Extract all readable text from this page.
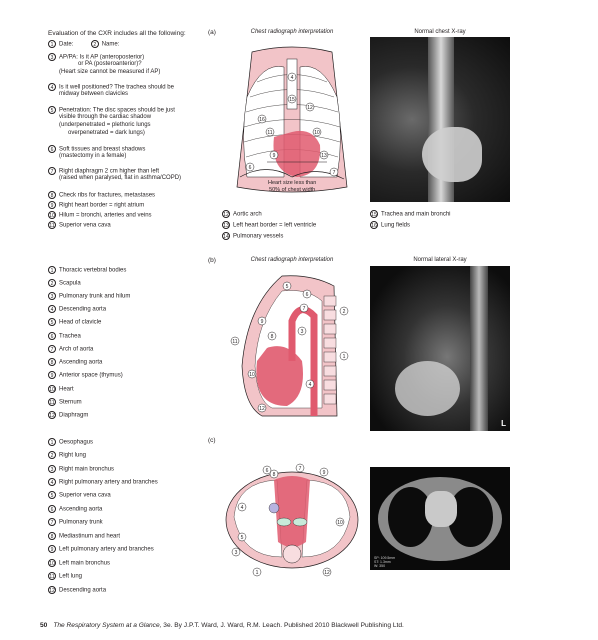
Evaluation of the CXR includes all the following:
1 Date:	2 Name:
3 AP/PA: Is it AP (anteroposterior)
or PA (posteroanterior)?
(Heart size cannot be measured if AP)
4 Is it well positioned? The trachea should be
midway between clavicles
5 Penetration: The disc spaces should be just
visible through the cardiac shadow
(underpenetrated = plethoric lungs
overpenetrated = dark lungs)
6 Soft tissues and breast shadows
(mastectomy in a female)
7 Right diaphragm 2 cm higher than left
(raised when paralysed, flat in asthma/COPD)
8 Check ribs for fractures, metastases
9 Right heart border = right atrium
10 Hilum = bronchi, arteries and veins
11 Superior vena cava
(a)	Chest radiograph interpretation	Normal chest X-ray
16
4
15
12
11	10
9	13
6
7
Heart size less than
50% of chest width
12 Aortic arch
13 Left heart border = left ventricle
14 Pulmonary vessels
15 Trachea and main bronchi
16 Lung fields
1 Thoracic vertebral bodies
2 Scapula
3 Pulmonary trunk and hilum
4 Descending aorta
5 Head of clavicle
6 Trachea
7 Arch of aorta
8 Ascending aorta
9 Anterior space (thymus)
10 Heart
11 Sternum
12 Diaphragm
(b)	Chest radiograph interpretation	Normal lateral X-ray
5
6
2
9
8
3
1
11
10
12
4
7
L
1 Oesophagus
2 Right lung
3 Right main bronchus
4 Right pulmonary artery and branches
5 Superior vena cava
6 Ascending aorta
7 Pulmonary trunk
8 Mediastinum and heart
9 Left pulmonary artery and branches
10 Left main bronchus
11 Left lung
12 Descending aorta
(c)
6
8
7
9
4
5
3
10
1	12
SP: 109.5mm
ST: 1.3mm
W: 350
50 The Respiratory System at a Glance, 3e. By J.P.T. Ward, J. Ward, R.M. Leach. Published 2010 Blackwell Publishing Ltd.
